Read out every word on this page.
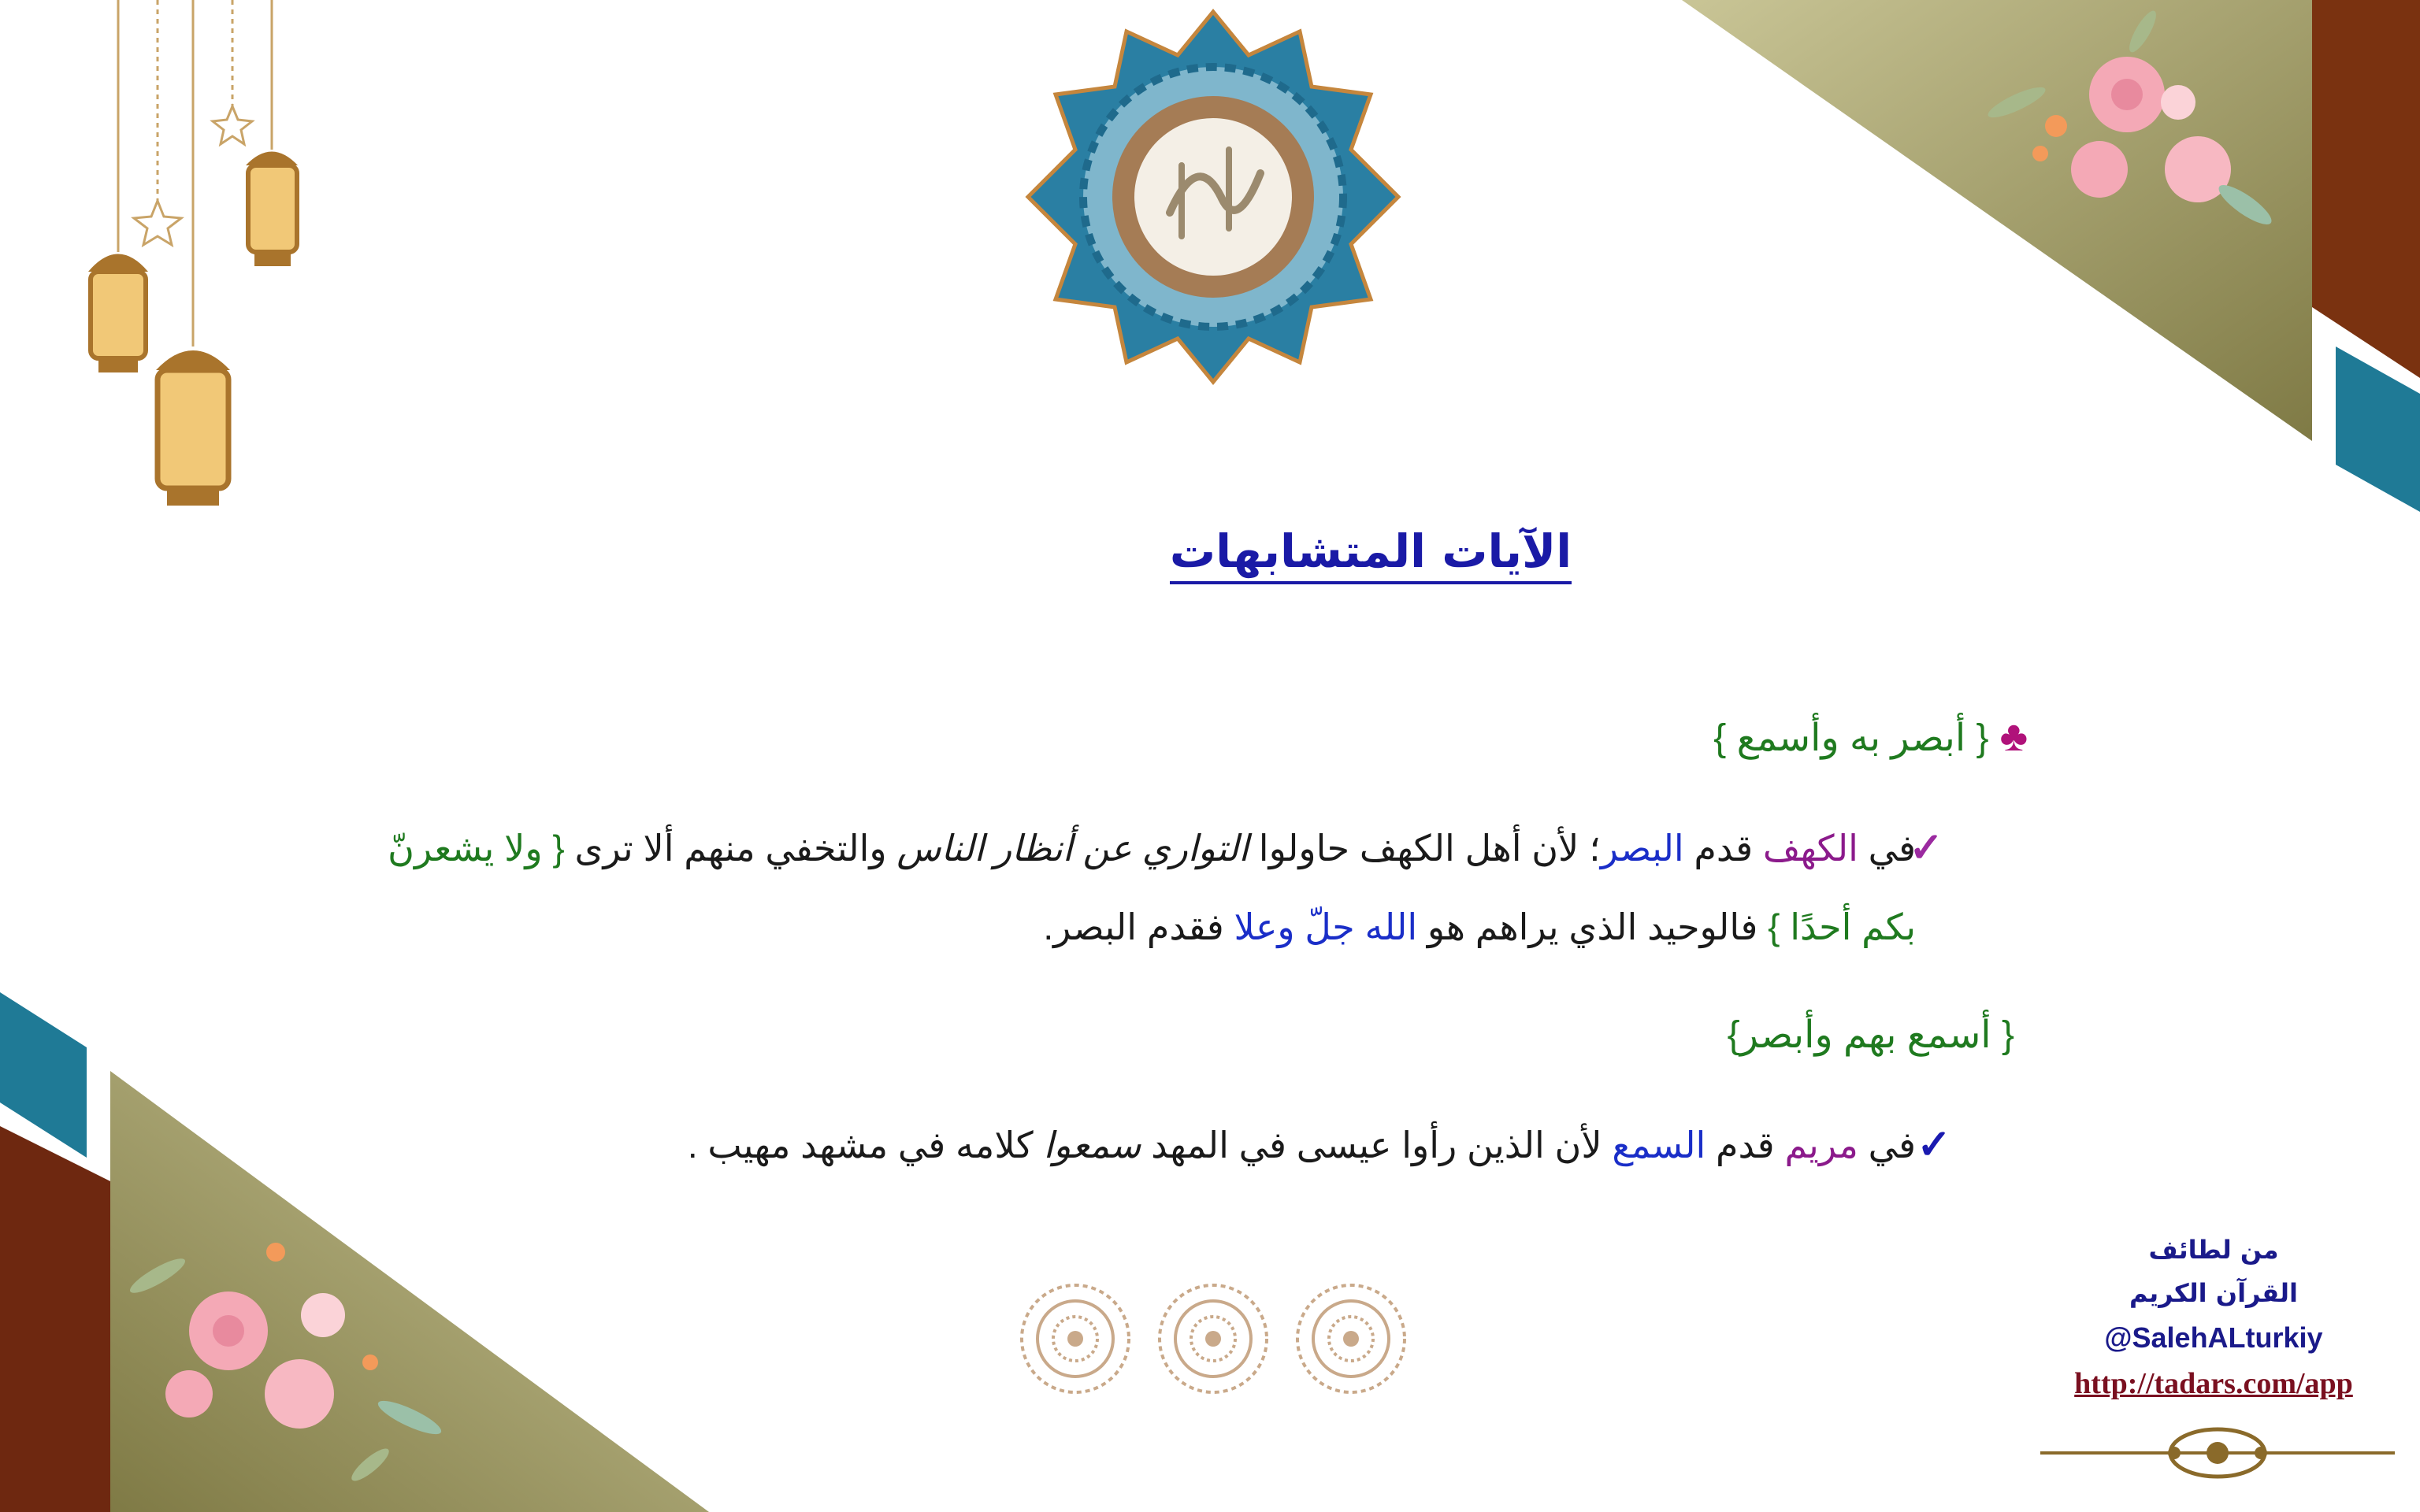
الآيات المتشابهات
♣{ أبصر به وأسمع }
✓
في الكهف قدم البصر؛ لأن أهل الكهف حاولوا التواري عن أنظار الناس والتخفي منهم ألا ترى { ولا يشعرنّ بكم أحدًا } فالوحيد الذي يراهم هو الله جلّ وعلا فقدم البصر.
{ أسمع بهم وأبصر}
✓
في مريم قدم السمع لأن الذين رأوا عيسى في المهد سمعوا كلامه في مشهد مهيب .
من لطائف
القرآن الكريم
@SalehALturkiy
http://tadars.com/app
